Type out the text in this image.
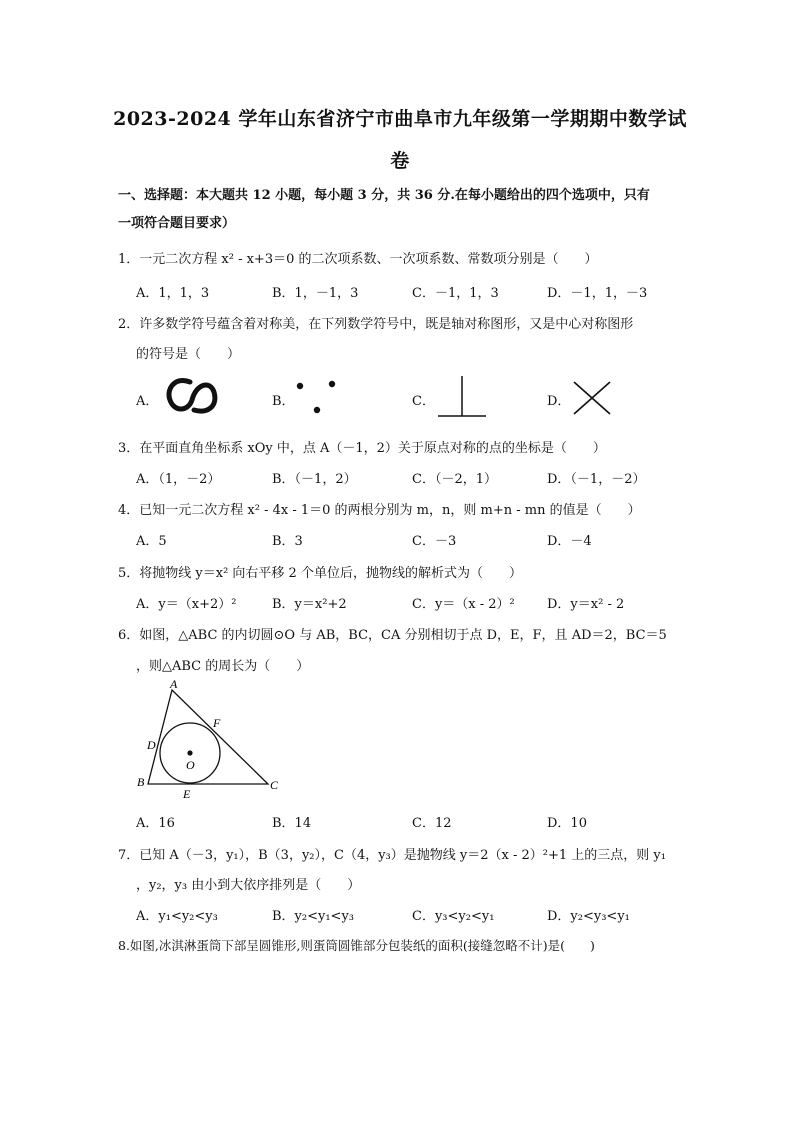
2023-2024 学年山东省济宁市曲阜市九年级第一学期期中数学试
卷
一、选择题：本大题共 12 小题，每小题 3 分，共 36 分.在每小题给出的四个选项中，只有
一项符合题目要求）
1．一元二次方程 x² - x+3＝0 的二次项系数、一次项系数、常数项分别是（　　）
A．1，1，3	B．1，－1，3	C．－1，1，3	D．－1，1，－3
2．许多数学符号蕴含着对称美，在下列数学符号中，既是轴对称图形，又是中心对称图形
的符号是（　　）
A．	B．	C．	D．
3．在平面直角坐标系 xOy 中，点 A（－1，2）关于原点对称的点的坐标是（　　）
A．（1，－2）	B．（－1，2）	C．（－2，1）	D．（－1，－2）
4．已知一元二次方程 x² - 4x - 1＝0 的两根分别为 m，n，则 m+n - mn 的值是（　　）
A．5	B．3	C．－3	D．－4
5．将抛物线 y＝x² 向右平移 2 个单位后，抛物线的解析式为（　　）
A．y＝（x+2）²	B．y＝x²+2	C．y＝（x - 2）² D．y＝x² - 2
6．如图，△ABC 的内切圆⊙O 与 AB，BC，CA 分别相切于点 D，E，F，且 AD＝2，BC＝5
，则△ABC 的周长为（　　）
A
F
D
O
B
E
C
A．16	B．14	C．12	D．10
7．已知 A（－3，y₁），B（3，y₂），C（4，y₃）是抛物线 y＝2（x - 2）²+1 上的三点，则 y₁
，y₂，y₃ 由小到大依序排列是（　　）
A．y₁<y₂<y₃	B．y₂<y₁<y₃	C．y₃<y₂<y₁	D．y₂<y₃<y₁
8.如图,冰淇淋蛋筒下部呈圆锥形,则蛋筒圆锥部分包装纸的面积(接缝忽略不计)是(　　)
